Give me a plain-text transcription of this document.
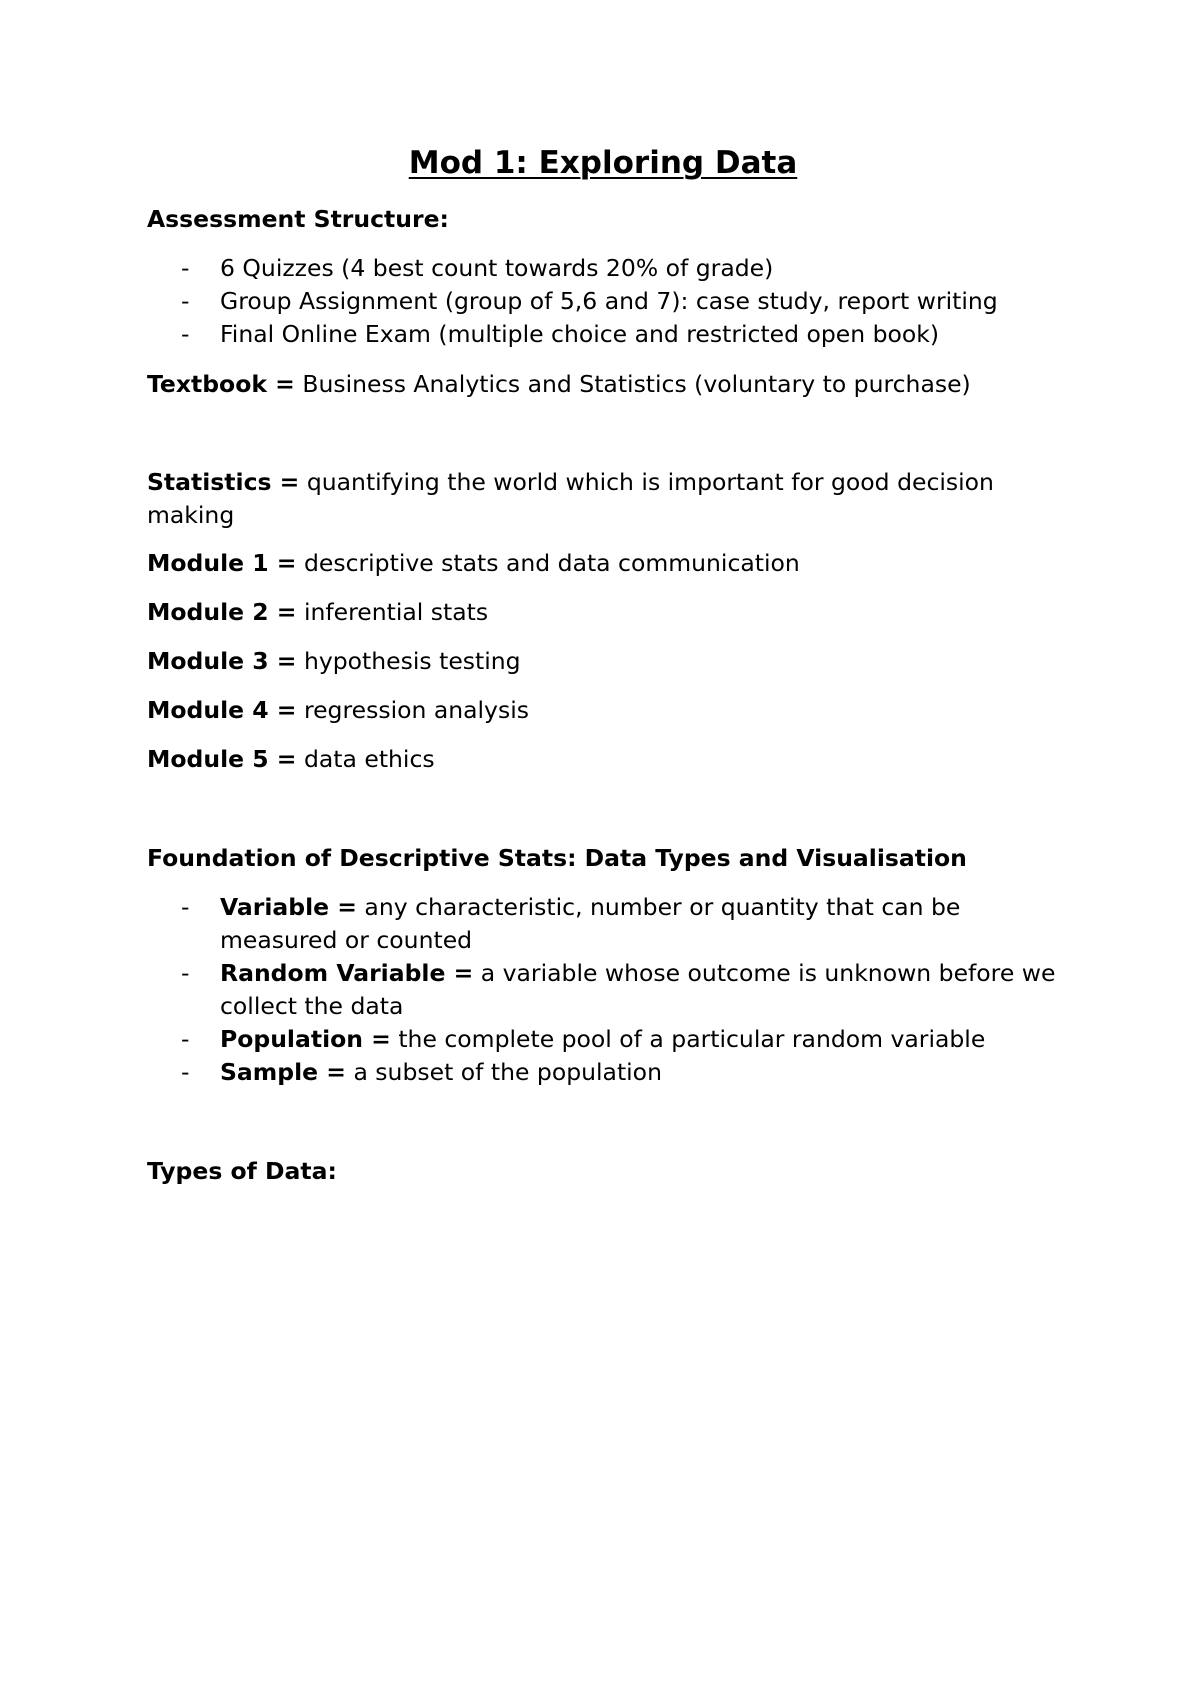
Mod 1: Exploring Data

Assessment Structure:

- 6 Quizzes (4 best count towards 20% of grade)
- Group Assignment (group of 5,6 and 7): case study, report writing
- Final Online Exam (multiple choice and restricted open book)

Textbook = Business Analytics and Statistics (voluntary to purchase)

Statistics = quantifying the world which is important for good decision making

Module 1 = descriptive stats and data communication

Module 2 = inferential stats

Module 3 = hypothesis testing

Module 4 = regression analysis

Module 5 = data ethics

Foundation of Descriptive Stats: Data Types and Visualisation

- Variable = any characteristic, number or quantity that can be measured or counted
- Random Variable = a variable whose outcome is unknown before we collect the data
- Population = the complete pool of a particular random variable
- Sample = a subset of the population

Types of Data:
